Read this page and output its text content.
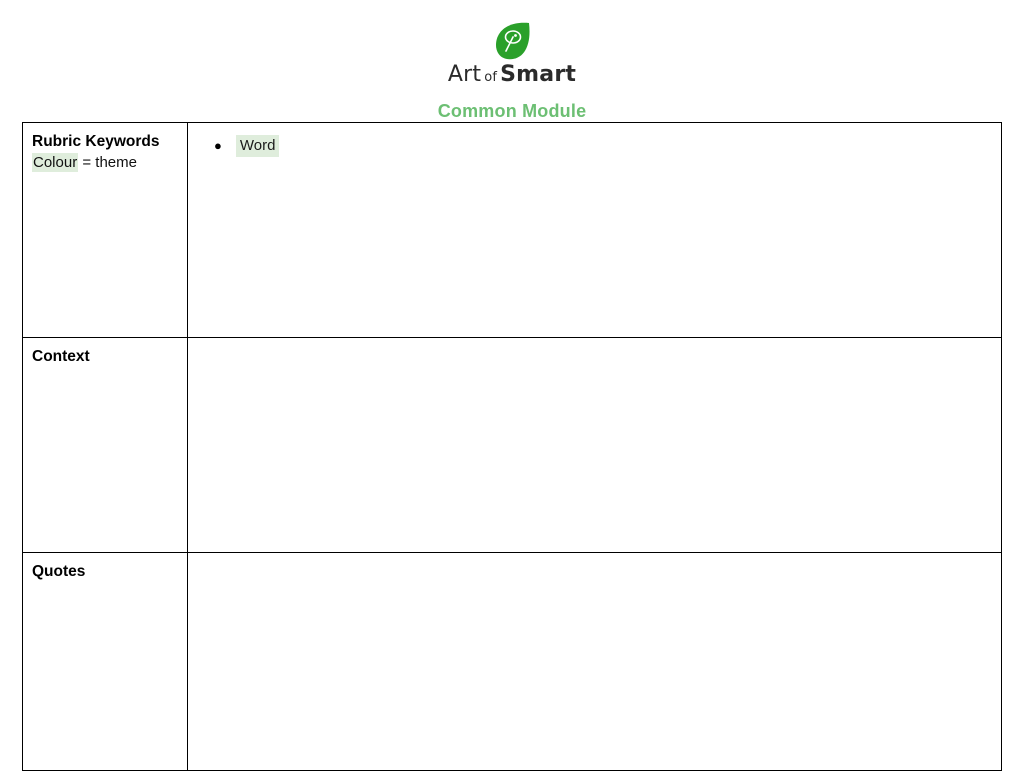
Art of Smart
Common Module
Rubric Keywords
Colour = theme
● Word
Context
Quotes
